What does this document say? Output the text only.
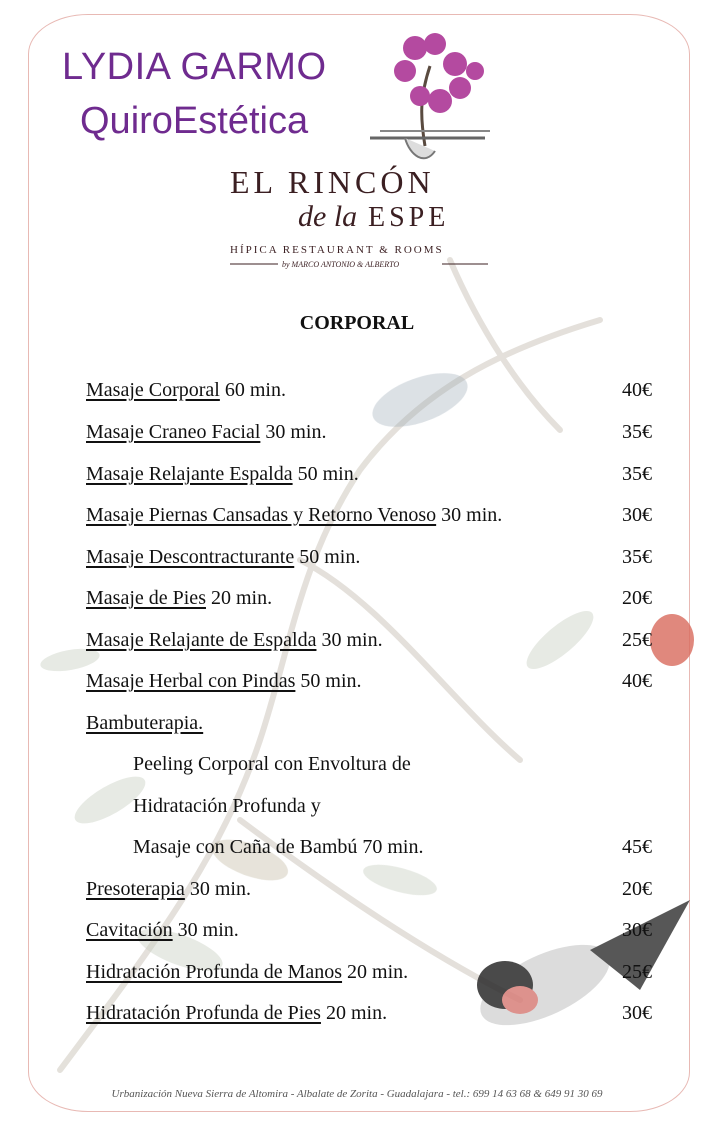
LYDIA GARMO
QuiroEstética
EL RINCÓN
de la ESPE
HÍPICA RESTAURANT & ROOMS
by MARCO ANTONIO & ALBERTO
CORPORAL
Masaje Corporal 60 min.	40€
Masaje Craneo Facial 30 min.	35€
Masaje Relajante Espalda 50 min.	35€
Masaje Piernas Cansadas y Retorno Venoso 30 min.	30€
Masaje Descontracturante 50 min.	35€
Masaje de Pies 20 min.	20€
Masaje Relajante de Espalda 30 min.	25€
Masaje Herbal con Pindas 50 min.	40€
Bambuterapia.
Peeling Corporal con Envoltura de
Hidratación Profunda y
Masaje con Caña de Bambú 70 min.	45€
Presoterapia 30 min.	20€
Cavitación 30 min.	30€
Hidratación Profunda de Manos 20 min.	25€
Hidratación Profunda de Pies 20 min.	30€
Urbanización Nueva Sierra de Altomira - Albalate de Zorita - Guadalajara - tel.: 699 14 63 68 & 649 91 30 69
